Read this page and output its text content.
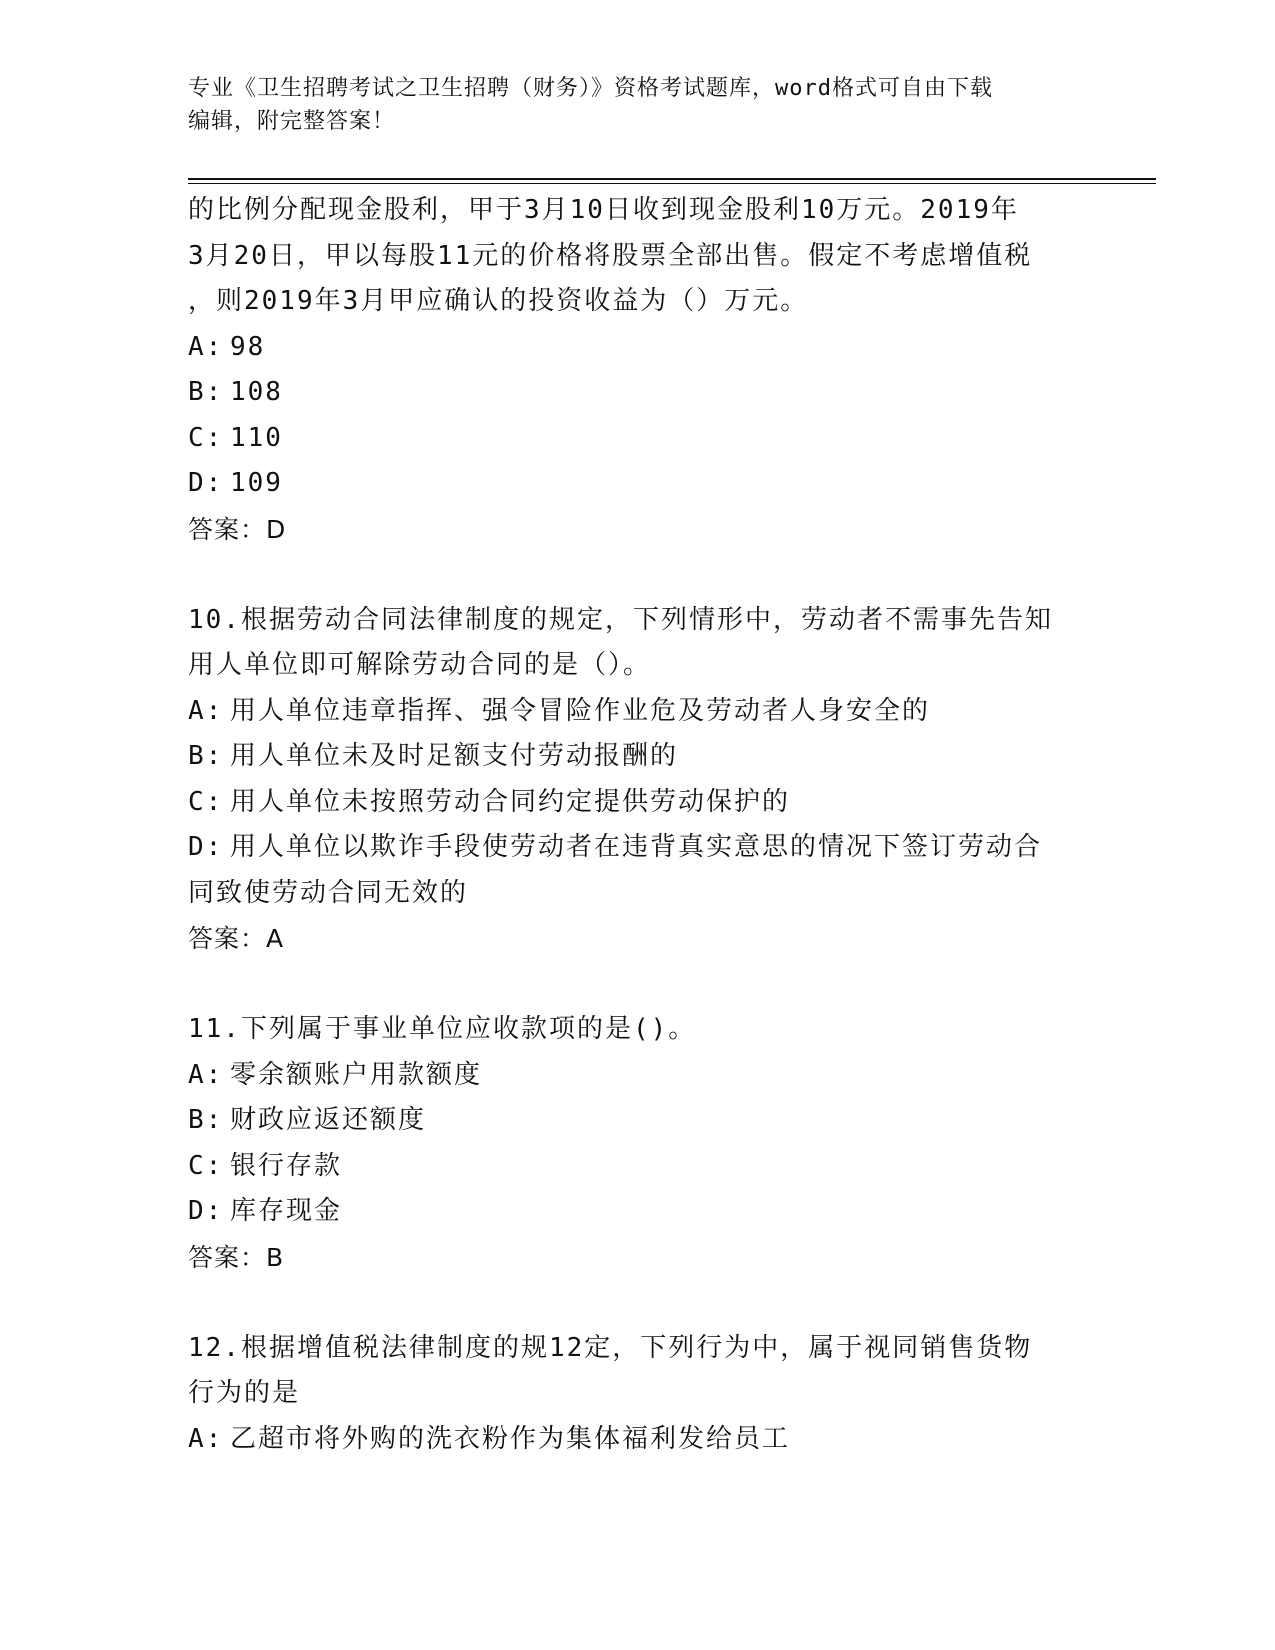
专业《卫生招聘考试之卫生招聘（财务）》资格考试题库，word格式可自由下载
编辑，附完整答案！
的比例分配现金股利，甲于3月10日收到现金股利10万元。2019年
3月20日，甲以每股11元的价格将股票全部出售。假定不考虑增值税
，则2019年3月甲应确认的投资收益为（）万元。
A: 98
B: 108
C: 110
D: 109
答案：D
10.根据劳动合同法律制度的规定，下列情形中，劳动者不需事先告知
用人单位即可解除劳动合同的是（）。
A: 用人单位违章指挥、强令冒险作业危及劳动者人身安全的
B: 用人单位未及时足额支付劳动报酬的
C: 用人单位未按照劳动合同约定提供劳动保护的
D: 用人单位以欺诈手段使劳动者在违背真实意思的情况下签订劳动合
同致使劳动合同无效的
答案：A
11.下列属于事业单位应收款项的是()。
A: 零余额账户用款额度
B: 财政应返还额度
C: 银行存款
D: 库存现金
答案：B
12.根据增值税法律制度的规12定，下列行为中，属于视同销售货物
行为的是
A: 乙超市将外购的洗衣粉作为集体福利发给员工
